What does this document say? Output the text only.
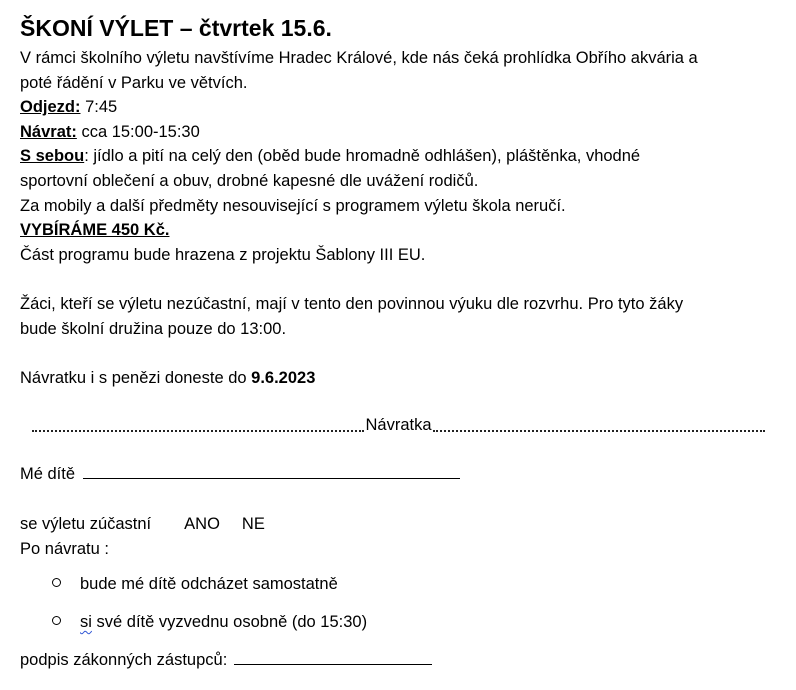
ŠKONÍ VÝLET – čtvrtek 15.6.
V rámci školního výletu navštívíme Hradec Králové, kde nás čeká prohlídka Obřího akvária a
poté řádění v Parku ve větvích.
Odjezd: 7:45
Návrat: cca 15:00-15:30
S sebou: jídlo a pití na celý den (oběd bude hromadně odhlášen), pláštěnka, vhodné
sportovní oblečení a obuv, drobné kapesné dle uvážení rodičů.
Za mobily a další předměty nesouvisející s programem výletu škola neručí.
VYBÍRÁME 450 Kč.
Část programu bude hrazena z projektu Šablony III EU.
Žáci, kteří se výletu nezúčastní, mají v tento den povinnou výuku dle rozvrhu. Pro tyto žáky
bude školní družina pouze do 13:00.
Návratku i s penězi doneste do 9.6.2023
Návratka
Mé dítě
se výletu zúčastní ANO NE
Po návratu :
bude mé dítě odcházet samostatně
si své dítě vyzvednu osobně (do 15:30)
podpis zákonných zástupců:
